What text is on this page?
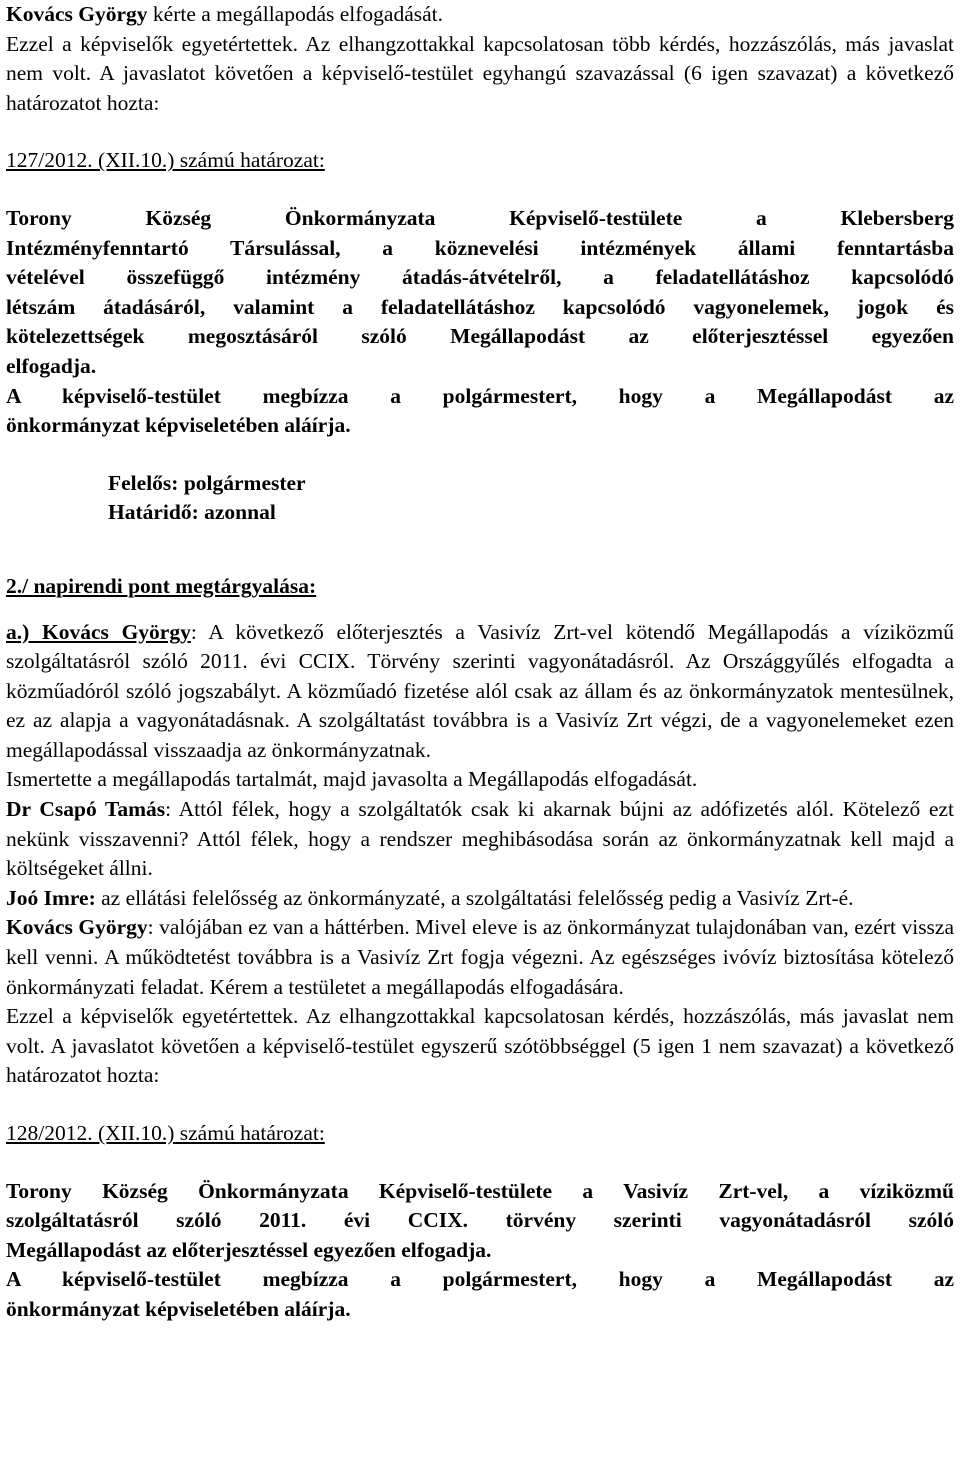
Kovács György kérte a megállapodás elfogadását.

Ezzel a képviselők egyetértettek. Az elhangzottakkal kapcsolatosan több kérdés, hozzászólás, más javaslat nem volt. A javaslatot követően a képviselő-testület egyhangú szavazással (6 igen szavazat) a következő határozatot hozta:

127/2012. (XII.10.) számú határozat:

Torony Község Önkormányzata Képviselő-testülete a Klebersberg

Intézményfenntartó Társulással, a köznevelési intézmények állami fenntartásba

vételével összefüggő intézmény átadás-átvételről, a feladatellátáshoz kapcsolódó

létszám átadásáról, valamint a feladatellátáshoz kapcsolódó vagyonelemek, jogok és

kötelezettségek megosztásáról szóló Megállapodást az előterjesztéssel egyezően

elfogadja.

A képviselő-testület megbízza a polgármestert, hogy a Megállapodást az

önkormányzat képviseletében aláírja.

Felelős: polgármester

Határidő: azonnal

2./ napirendi pont megtárgyalása:

a.) Kovács György: A következő előterjesztés a Vasivíz Zrt-vel kötendő Megállapodás a víziközmű szolgáltatásról szóló 2011. évi CCIX. Törvény szerinti vagyonátadásról. Az Országgyűlés elfogadta a közműadóról szóló jogszabályt. A közműadó fizetése alól csak az állam és az önkormányzatok mentesülnek, ez az alapja a vagyonátadásnak. A szolgáltatást továbbra is a Vasivíz Zrt végzi, de a vagyonelemeket ezen megállapodással visszaadja az önkormányzatnak.

Ismertette a megállapodás tartalmát, majd javasolta a Megállapodás elfogadását.

Dr Csapó Tamás: Attól félek, hogy a szolgáltatók csak ki akarnak bújni az adófizetés alól. Kötelező ezt nekünk visszavenni? Attól félek, hogy a rendszer meghibásodása során az önkormányzatnak kell majd a költségeket állni.

Joó Imre: az ellátási felelősség az önkormányzaté, a szolgáltatási felelősség pedig a Vasivíz Zrt-é.

Kovács György: valójában ez van a háttérben. Mivel eleve is az önkormányzat tulajdonában van, ezért vissza kell venni. A működtetést továbbra is a Vasivíz Zrt fogja végezni. Az egészséges ivóvíz biztosítása kötelező önkormányzati feladat. Kérem a testületet a megállapodás elfogadására.

Ezzel a képviselők egyetértettek. Az elhangzottakkal kapcsolatosan kérdés, hozzászólás, más javaslat nem volt. A javaslatot követően a képviselő-testület egyszerű szótöbbséggel (5 igen 1 nem szavazat) a következő határozatot hozta:

128/2012. (XII.10.) számú határozat:

Torony Község Önkormányzata Képviselő-testülete a Vasivíz Zrt-vel, a víziközmű

szolgáltatásról szóló 2011. évi CCIX. törvény szerinti vagyonátadásról szóló

Megállapodást az előterjesztéssel egyezően elfogadja.

A képviselő-testület megbízza a polgármestert, hogy a Megállapodást az

önkormányzat képviseletében aláírja.
